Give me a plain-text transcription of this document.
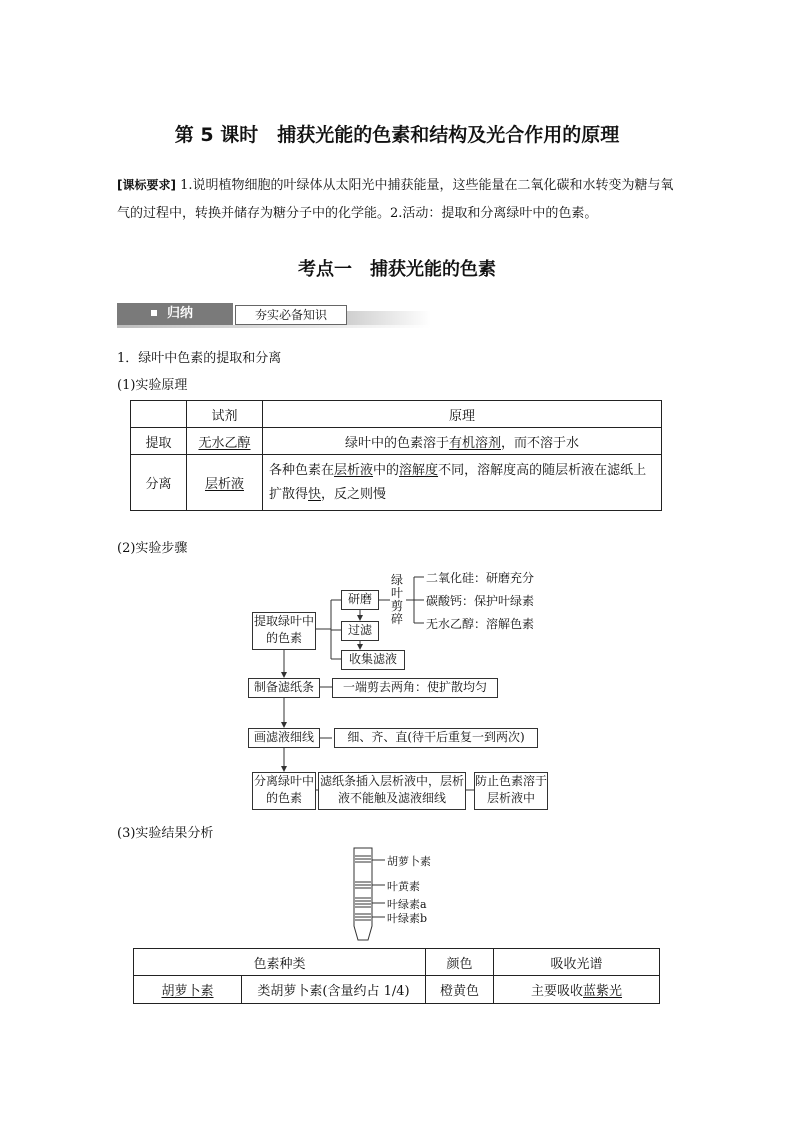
第 5 课时　捕获光能的色素和结构及光合作用的原理
[课标要求] 1.说明植物细胞的叶绿体从太阳光中捕获能量，这些能量在二氧化碳和水转变为糖与氧气的过程中，转换并储存为糖分子中的化学能。2.活动：提取和分离绿叶中的色素。
考点一　捕获光能的色素
归纳	夯实必备知识
1．绿叶中色素的提取和分离
(1)实验原理
	试剂	原理
提取	无水乙醇	绿叶中的色素溶于有机溶剂，而不溶于水
分离	层析液	各种色素在层析液中的溶解度不同，溶解度高的随层析液在滤纸上扩散得快，反之则慢
(2)实验步骤
提取绿叶中的色素
研磨
过滤
收集滤液
绿叶剪碎
二氧化硅：研磨充分
碳酸钙：保护叶绿素
无水乙醇：溶解色素
制备滤纸条	一端剪去两角：使扩散均匀
画滤液细线	细、齐、直(待干后重复一到两次)
分离绿叶中的色素
滤纸条插入层析液中，层析液不能触及滤液细线
防止色素溶于层析液中
(3)实验结果分析
胡萝卜素
叶黄素
叶绿素a
叶绿素b
色素种类		颜色	吸收光谱
胡萝卜素	类胡萝卜素(含量约占 1/4)	橙黄色	主要吸收蓝紫光
